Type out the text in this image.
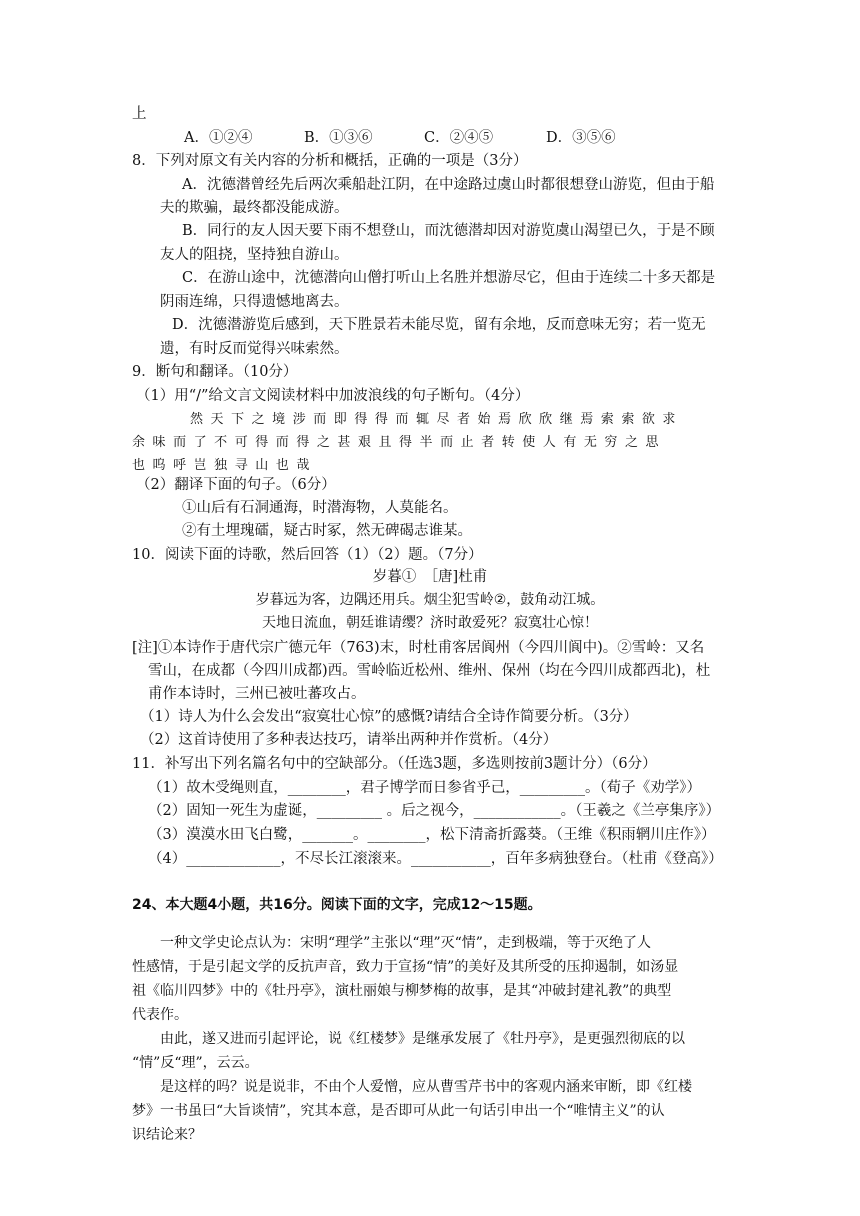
上
A．①②④	B．①③⑥	C．②④⑤	D．③⑤⑥
8．下列对原文有关内容的分析和概括，正确的一项是（3分）
A．沈德潜曾经先后两次乘船赴江阴，在中途路过虞山时都很想登山游览，但由于船
夫的欺骗，最终都没能成游。
B．同行的友人因天要下雨不想登山，而沈德潜却因对游览虞山渴望已久，于是不顾
友人的阻挠，坚持独自游山。
C．在游山途中，沈德潜向山僧打听山上名胜并想游尽它，但由于连续二十多天都是
阴雨连绵，只得遗憾地离去。
D．沈德潜游览后感到，天下胜景若未能尽览，留有余地，反而意味无穷；若一览无
遗，有时反而觉得兴味索然。
9．断句和翻译。（10分）
（1）用“/”给文言文阅读材料中加波浪线的句子断句。（4分）
然天下之境涉而即得得而辄尽者始焉欣欣继焉索索欲求
余味而了不可得而得之甚艰且得半而止者转使人有无穷之思
也呜呼岂独寻山也哉
（2）翻译下面的句子。（6分）
①山后有石洞通海，时潜海物，人莫能名。
②有土埋瑰礌，疑古时冢，然无碑碣志谁某。
10．阅读下面的诗歌，然后回答（1）（2）题。（7分）
岁暮①　［唐]杜甫
岁暮远为客，边隅还用兵。烟尘犯雪岭②，鼓角动江城。
天地日流血，朝廷谁请缨？济时敢爱死？寂寞壮心惊！
[注]①本诗作于唐代宗广德元年（763)末，时杜甫客居阆州（今四川阆中)。②雪岭：又名
雪山，在成都（今四川成都)西。雪岭临近松州、维州、保州（均在今四川成都西北)，杜
甫作本诗时，三州已被吐蕃攻占。
（1）诗人为什么会发出“寂寞壮心惊”的感慨?请结合全诗作简要分析。（3分）
（2）这首诗使用了多种表达技巧，请举出两种并作赏析。（4分）
11．补写出下列名篇名句中的空缺部分。（任选3题，多选则按前3题计分）（6分）
（1）故木受绳则直，________，君子博学而日参省乎己，_________。（荀子《劝学》）
（2）固知一死生为虚诞，_________ 。后之视今，____________。（王羲之《兰亭集序》）
（3）漠漠水田飞白鹭，_______。________，松下清斋折露葵。（王维《积雨辋川庄作》）
（4）_____________，不尽长江滚滚来。___________，百年多病独登台。（杜甫《登高》）
24、本大题4小题，共16分。阅读下面的文字，完成12～15题。
一种文学史论点认为：宋明“理学”主张以“理”灭“情”，走到极端，等于灭绝了人
性感情，于是引起文学的反抗声音，致力于宣扬“情”的美好及其所受的压抑遏制，如汤显
祖《临川四梦》中的《牡丹亭》，演杜丽娘与柳梦梅的故事，是其“冲破封建礼教”的典型
代表作。
由此，遂又进而引起评论，说《红楼梦》是继承发展了《牡丹亭》，是更强烈彻底的以
“情”反“理”，云云。
是这样的吗？说是说非，不由个人爱憎，应从曹雪芹书中的客观内涵来审断，即《红楼
梦》一书虽曰“大旨谈情”，究其本意，是否即可从此一句话引申出一个“唯情主义”的认
识结论来？
